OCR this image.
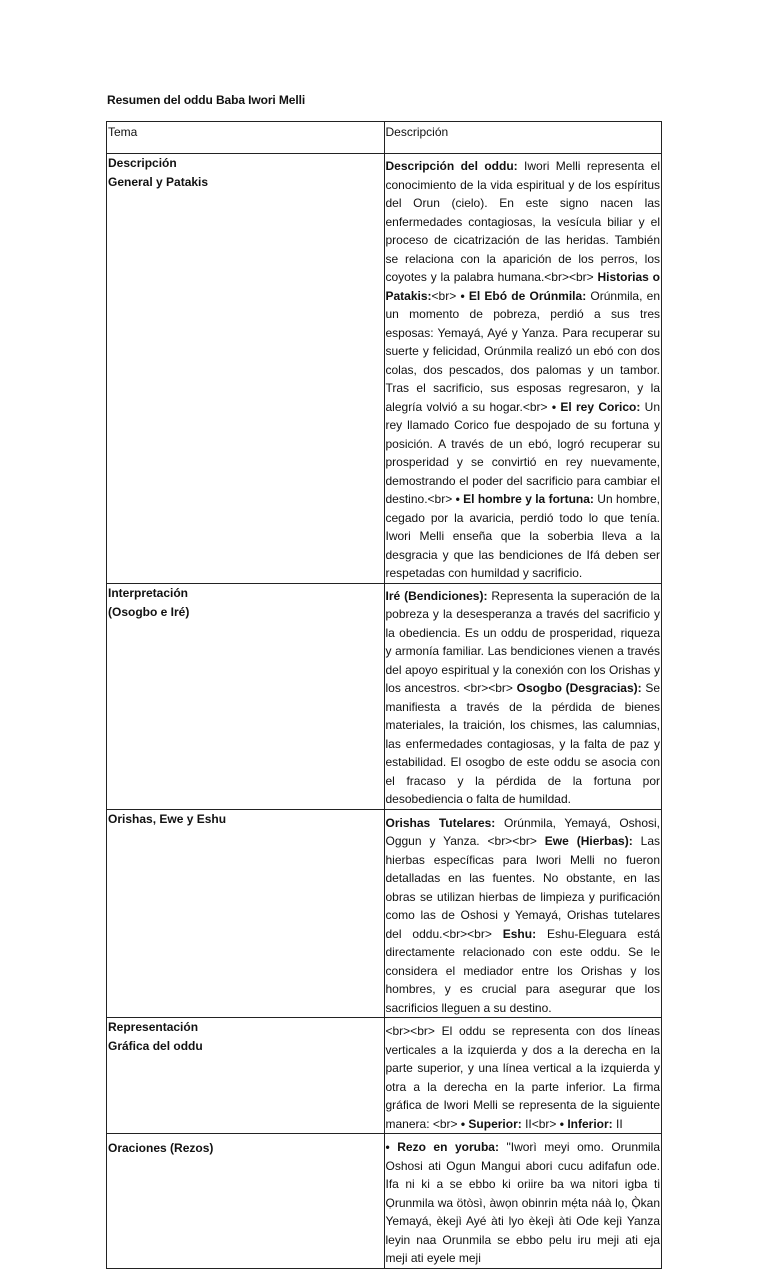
Resumen del oddu Baba Iwori Melli
Tema	Descripción
Descripción
General y Patakis	Descripción del oddu: Iwori Melli representa el conocimiento de la vida espiritual y de los espíritus del Orun (cielo). En este signo nacen las enfermedades contagiosas, la vesícula biliar y el proceso de cicatrización de las heridas. También se relaciona con la aparición de los perros, los coyotes y la palabra humana.<br><br> Historias o Patakis:<br> • El Ebó de Orúnmila: Orúnmila, en un momento de pobreza, perdió a sus tres esposas: Yemayá, Ayé y Yanza. Para recuperar su suerte y felicidad, Orúnmila realizó un ebó con dos colas, dos pescados, dos palomas y un tambor. Tras el sacrificio, sus esposas regresaron, y la alegría volvió a su hogar.<br> • El rey Corico: Un rey llamado Corico fue despojado de su fortuna y posición. A través de un ebó, logró recuperar su prosperidad y se convirtió en rey nuevamente, demostrando el poder del sacrificio para cambiar el destino.<br> • El hombre y la fortuna: Un hombre, cegado por la avaricia, perdió todo lo que tenía. Iwori Melli enseña que la soberbia lleva a la desgracia y que las bendiciones de Ifá deben ser respetadas con humildad y sacrificio.

Interpretación
(Osogbo e Iré)	Iré (Bendiciones): Representa la superación de la pobreza y la desesperanza a través del sacrificio y la obediencia. Es un oddu de prosperidad, riqueza y armonía familiar. Las bendiciones vienen a través del apoyo espiritual y la conexión con los Orishas y los ancestros. <br><br> Osogbo (Desgracias): Se manifiesta a través de la pérdida de bienes materiales, la traición, los chismes, las calumnias, las enfermedades contagiosas, y la falta de paz y estabilidad. El osogbo de este oddu se asocia con el fracaso y la pérdida de la fortuna por desobediencia o falta de humildad.

Orishas, Ewe y Eshu	Orishas Tutelares: Orúnmila, Yemayá, Oshosi, Oggun y Yanza. <br><br> Ewe (Hierbas): Las hierbas específicas para Iwori Melli no fueron detalladas en las fuentes. No obstante, en las obras se utilizan hierbas de limpieza y purificación como las de Oshosi y Yemayá, Orishas tutelares del oddu.<br><br> Eshu: Eshu-Eleguara está directamente relacionado con este oddu. Se le considera el mediador entre los Orishas y los hombres, y es crucial para asegurar que los sacrificios lleguen a su destino.

Representación
Gráfica del oddu	<br><br> El oddu se representa con dos líneas verticales a la izquierda y dos a la derecha en la parte superior, y una línea vertical a la izquierda y otra a la derecha en la parte inferior. La firma gráfica de Iwori Melli se representa de la siguiente manera: <br> • Superior: II<br> • Inferior: II

Oraciones (Rezos)	• Rezo en yoruba: "Iworì meyi omo. Orunmila Oshosi ati Ogun Mangui abori cucu adifafun ode. Ifa ni ki a se ebbo ki oriire ba wa nitori igba ti Ọrunmila wa ötòsì, àwọn obinrin mẹ́ta náà lọ, Ọ̀kan Yemayá, èkejì Ayé àti lyo èkejì àti Ode kejì Yanza leyin naa Orunmila se ebbo pelu iru meji ati eja meji ati eyele meji
